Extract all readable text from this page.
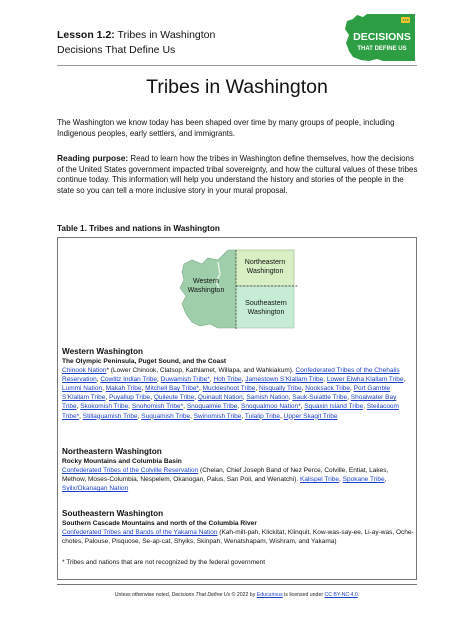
Lesson 1.2: Tribes in Washington
Decisions That Define Us
DECISIONS
THAT DEFINE US
Tribes in Washington
The Washington we know today has been shaped over time by many groups of people, including Indigenous peoples, early settlers, and immigrants.
Reading purpose: Read to learn how the tribes in Washington define themselves, how the decisions of the United States government impacted tribal sovereignty, and how the cultural values of these tribes continue today. This information will help you understand the history and stories of the people in the state so you can tell a more inclusive story in your mural proposal.
Table 1. Tribes and nations in Washington
Western
Washington
Northeastern
Washington
Southeastern
Washington
Western Washington
The Olympic Peninsula, Puget Sound, and the Coast
Chinook Nation* (Lower Chinook, Clatsop, Kathlamet, Willapa, and Wahkiakum). Confederated Tribes of the Chehalis Reservation, Cowlitz Indian Tribe, Duwamish Tribe*, Hoh Tribe, Jamestown S’Klallam Tribe, Lower Elwha Klallam Tribe, Lummi Nation, Makah Tribe, Mitchell Bay Tribe*, Muckleshoot Tribe, Nisqually Tribe, Nooksack Tribe, Port Gamble S’Klallam Tribe, Puyallup Tribe, Quileute Tribe, Quinault Nation, Samish Nation, Sauk-Suiattle Tribe, Shoalwater Bay Tribe, Skokomish Tribe, Snohomish Tribe*, Snoqualmie Tribe, Snoqualmoo Nation*, Squaxin Island Tribe, Steilacoom Tribe*, Stillaguamish Tribe, Suquamish Tribe, Swinomish Tribe, Tulalip Tribe, Upper Skagit Tribe
Northeastern Washington
Rocky Mountains and Columbia Basin
Confederated Tribes of the Colville Reservation (Chelan, Chief Joseph Band of Nez Perce, Colville, Entiat, Lakes, Methow, Moses-Columbia, Nespelem, Okanogan, Palus, San Poil, and Wenatchi). Kalispel Tribe, Spokane Tribe, Syilx/Okanagan Nation
Southeastern Washington
Southern Cascade Mountains and north of the Columbia River
Confederated Tribes and Bands of the Yakama Nation (Kah-milt-pah, Klickitat, Klinquit, Kow-was-say-ee, Li-ay-was, Oche-chotes, Palouse, Pisquose, Se-ap-cat, Shyiks, Skinpah, Wenatshapam, Wishram, and Yakama)
* Tribes and nations that are not recognized by the federal government
Unless otherwise noted, Decisions That Define Us © 2022 by Educurious is licensed under CC BY-NC 4.0.
